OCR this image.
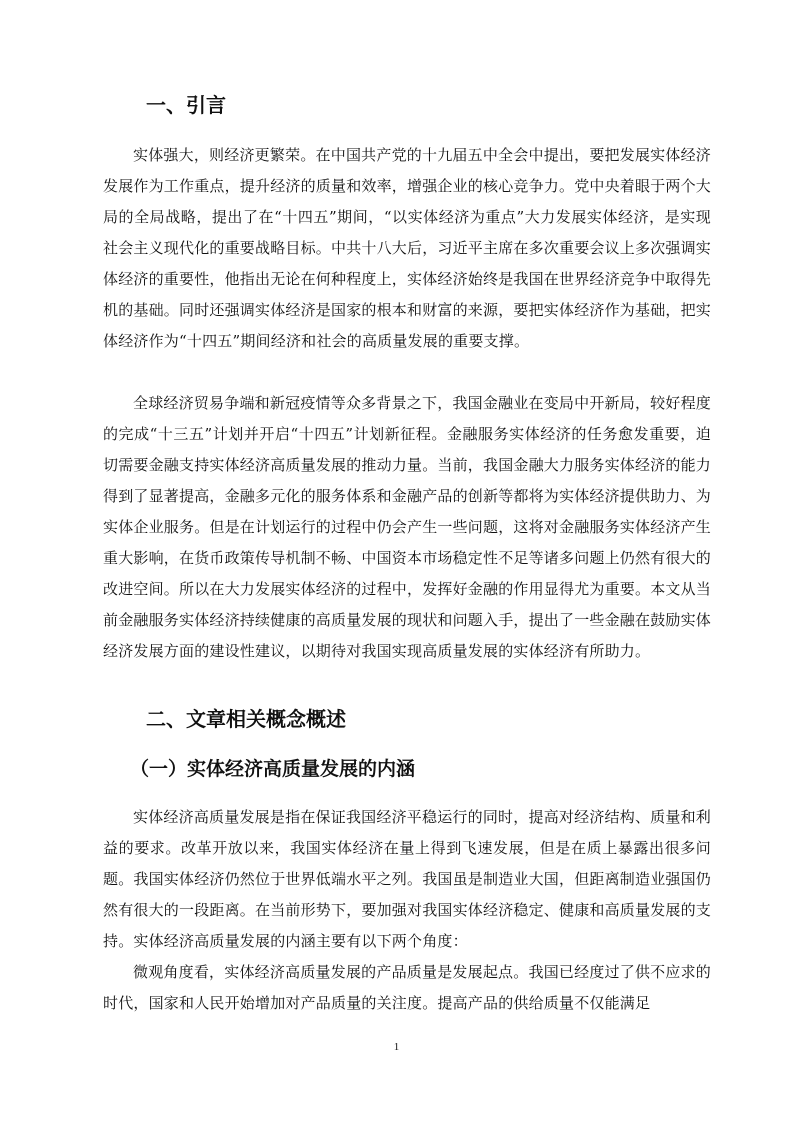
一、引言

实体强大，则经济更繁荣。在中国共产党的十九届五中全会中提出，要把发展实体经济发展作为工作重点，提升经济的质量和效率，增强企业的核心竞争力。党中央着眼于两个大局的全局战略，提出了在“十四五”期间，“以实体经济为重点”大力发展实体经济，是实现社会主义现代化的重要战略目标。中共十八大后，习近平主席在多次重要会议上多次强调实体经济的重要性，他指出无论在何种程度上，实体经济始终是我国在世界经济竞争中取得先机的基础。同时还强调实体经济是国家的根本和财富的来源，要把实体经济作为基础，把实体经济作为“十四五”期间经济和社会的高质量发展的重要支撑。

全球经济贸易争端和新冠疫情等众多背景之下，我国金融业在变局中开新局，较好程度的完成“十三五”计划并开启“十四五”计划新征程。金融服务实体经济的任务愈发重要，迫切需要金融支持实体经济高质量发展的推动力量。当前，我国金融大力服务实体经济的能力得到了显著提高，金融多元化的服务体系和金融产品的创新等都将为实体经济提供助力、为实体企业服务。但是在计划运行的过程中仍会产生一些问题，这将对金融服务实体经济产生重大影响，在货币政策传导机制不畅、中国资本市场稳定性不足等诸多问题上仍然有很大的改进空间。所以在大力发展实体经济的过程中，发挥好金融的作用显得尤为重要。本文从当前金融服务实体经济持续健康的高质量发展的现状和问题入手，提出了一些金融在鼓励实体经济发展方面的建设性建议，以期待对我国实现高质量发展的实体经济有所助力。

二、文章相关概念概述
（一）实体经济高质量发展的内涵

实体经济高质量发展是指在保证我国经济平稳运行的同时，提高对经济结构、质量和利益的要求。改革开放以来，我国实体经济在量上得到飞速发展，但是在质上暴露出很多问题。我国实体经济仍然位于世界低端水平之列。我国虽是制造业大国，但距离制造业强国仍然有很大的一段距离。在当前形势下，要加强对我国实体经济稳定、健康和高质量发展的支持。实体经济高质量发展的内涵主要有以下两个角度：

微观角度看，实体经济高质量发展的产品质量是发展起点。我国已经度过了供不应求的时代，国家和人民开始增加对产品质量的关注度。提高产品的供给质量不仅能满足

1
